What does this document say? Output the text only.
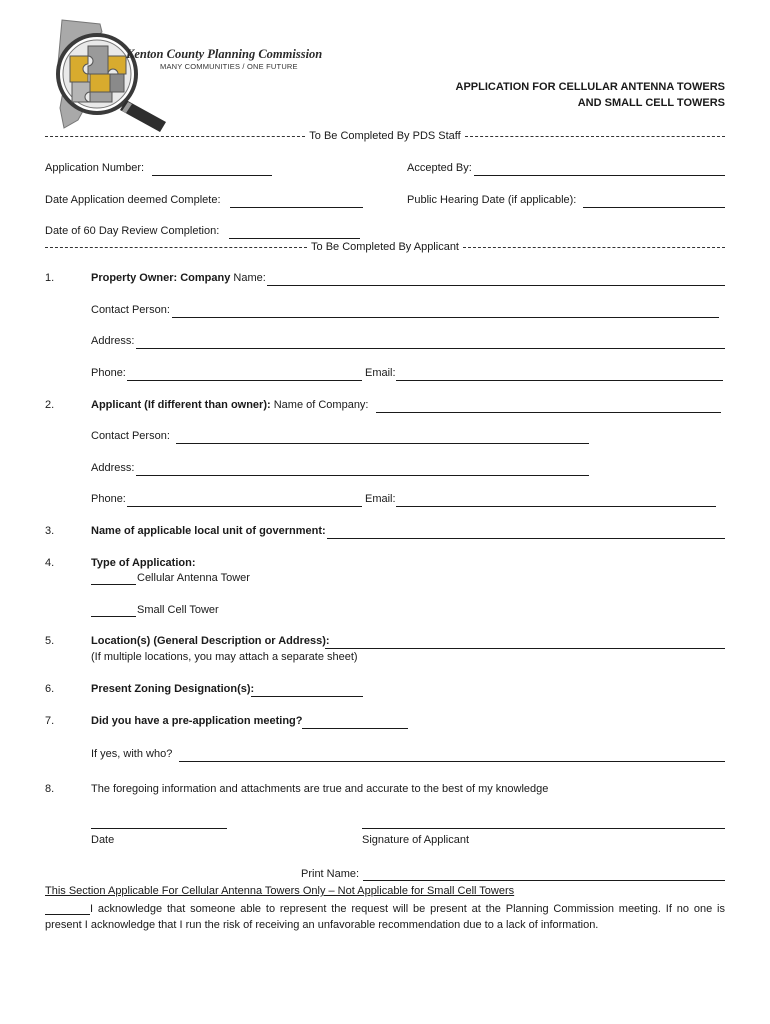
Kenton County Planning Commission
MANY COMMUNITIES / ONE FUTURE
APPLICATION FOR CELLULAR ANTENNA TOWERS
AND SMALL CELL TOWERS
To Be Completed By PDS Staff
Application Number:	Accepted By:
Date Application deemed Complete:	Public Hearing Date (if applicable):
Date of 60 Day Review Completion:
To Be Completed By Applicant
1.	Property Owner: Company Name:
Contact Person:
Address:
Phone:	Email:
2.	Applicant (If different than owner): Name of Company:
Contact Person:
Address:
Phone:	Email:
3.	Name of applicable local unit of government:
4.	Type of Application:
Cellular Antenna Tower
Small Cell Tower
5.	Location(s) (General Description or Address):
(If multiple locations, you may attach a separate sheet)
6.	Present Zoning Designation(s):
7.	Did you have a pre-application meeting?
If yes, with who?
8.	The foregoing information and attachments are true and accurate to the best of my knowledge
Date	Signature of Applicant
Print Name:
This Section Applicable For Cellular Antenna Towers Only – Not Applicable for Small Cell Towers
I acknowledge that someone able to represent the request will be present at the Planning Commission meeting. If no one is present I acknowledge that I run the risk of receiving an unfavorable recommendation due to a lack of information.
